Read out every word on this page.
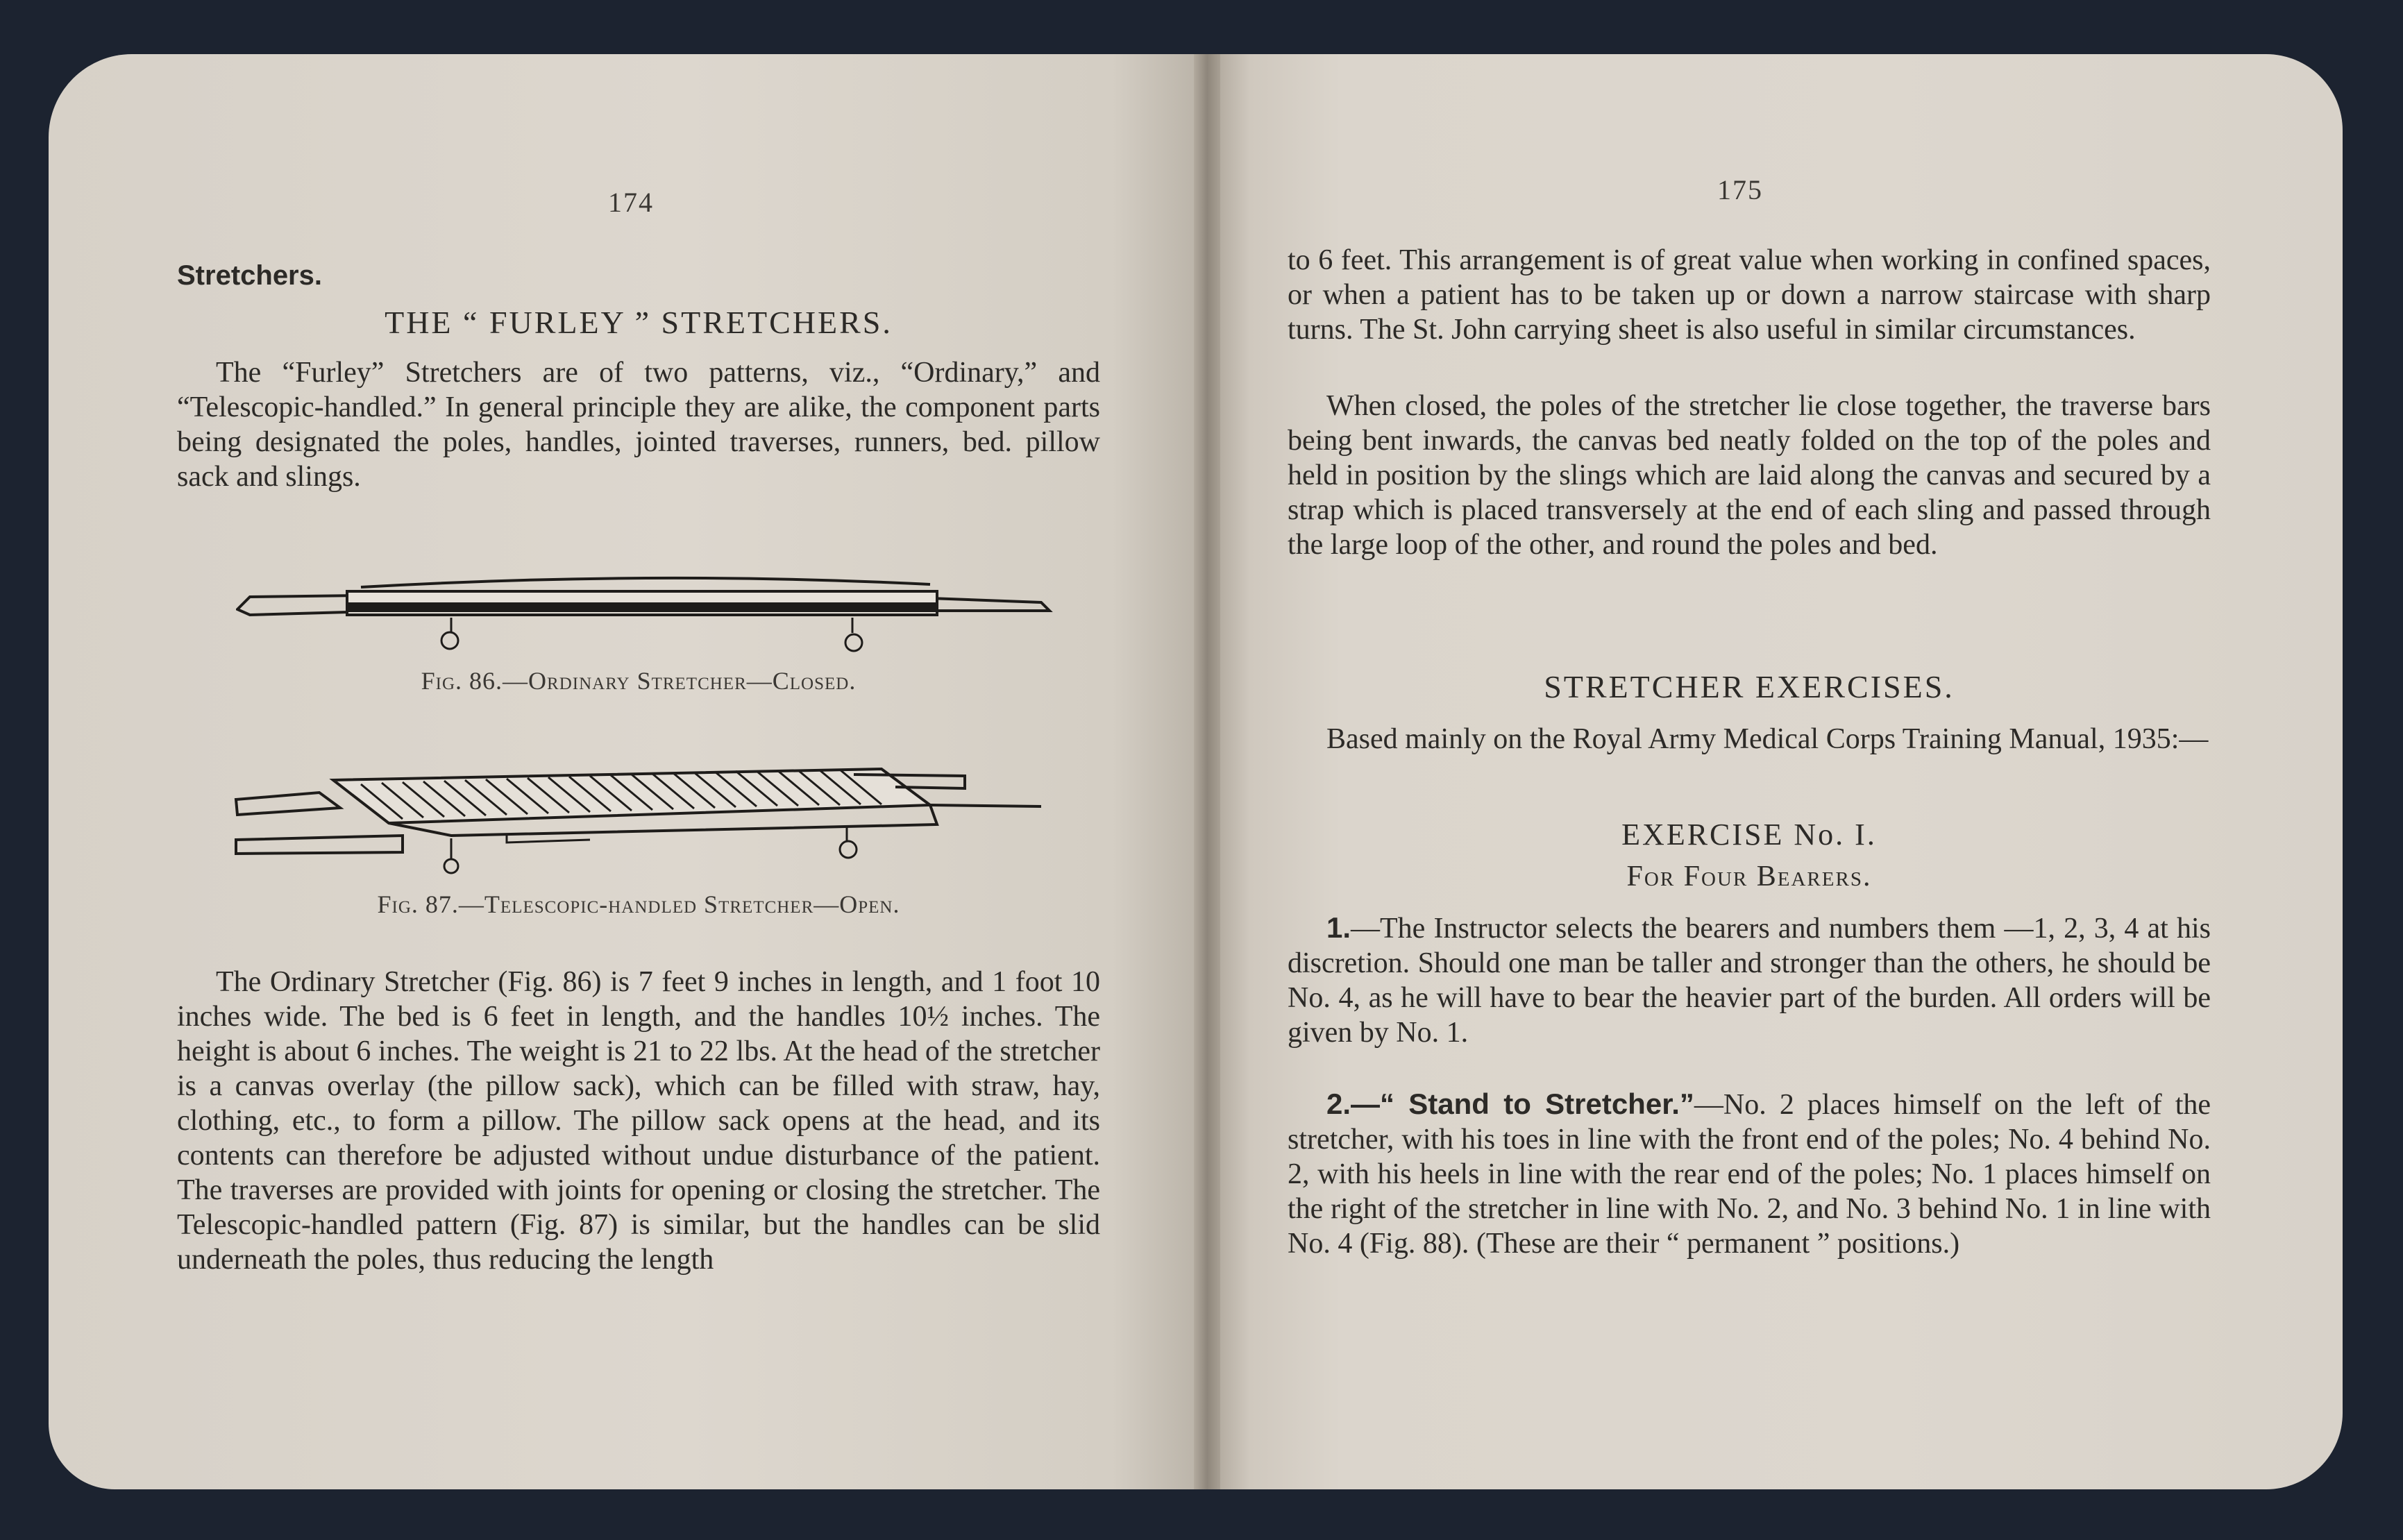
174
Stretchers.
THE “ FURLEY ” STRETCHERS.

The “Furley” Stretchers are of two patterns, viz., “Ordinary,” and “Telescopic-handled.” In general principle they are alike, the component parts being designated the poles, handles, jointed traverses, runners, bed. pillow sack and slings.

Fig. 86.—Ordinary Stretcher—Closed.
Fig. 87.—Telescopic-handled Stretcher—Open.

The Ordinary Stretcher (Fig. 86) is 7 feet 9 inches in length, and 1 foot 10 inches wide. The bed is 6 feet in length, and the handles 10½ inches. The height is about 6 inches. The weight is 21 to 22 lbs. At the head of the stretcher is a canvas overlay (the pillow sack), which can be filled with straw, hay, clothing, etc., to form a pillow. The pillow sack opens at the head, and its contents can therefore be adjusted without undue disturbance of the patient. The traverses are provided with joints for opening or closing the stretcher. The Telescopic-handled pattern (Fig. 87) is similar, but the handles can be slid underneath the poles, thus reducing the length

175

to 6 feet. This arrangement is of great value when working in confined spaces, or when a patient has to be taken up or down a narrow staircase with sharp turns. The St. John carrying sheet is also useful in similar circumstances.

When closed, the poles of the stretcher lie close together, the traverse bars being bent inwards, the canvas bed neatly folded on the top of the poles and held in position by the slings which are laid along the canvas and secured by a strap which is placed transversely at the end of each sling and passed through the large loop of the other, and round the poles and bed.

STRETCHER EXERCISES.

Based mainly on the Royal Army Medical Corps Training Manual, 1935:—

EXERCISE No. I.
For Four Bearers.

1.—The Instructor selects the bearers and numbers them —1, 2, 3, 4 at his discretion. Should one man be taller and stronger than the others, he should be No. 4, as he will have to bear the heavier part of the burden. All orders will be given by No. 1.

2.—“ Stand to Stretcher.”—No. 2 places himself on the left of the stretcher, with his toes in line with the front end of the poles; No. 4 behind No. 2, with his heels in line with the rear end of the poles; No. 1 places himself on the right of the stretcher in line with No. 2, and No. 3 behind No. 1 in line with No. 4 (Fig. 88). (These are their “ permanent ” positions.)
